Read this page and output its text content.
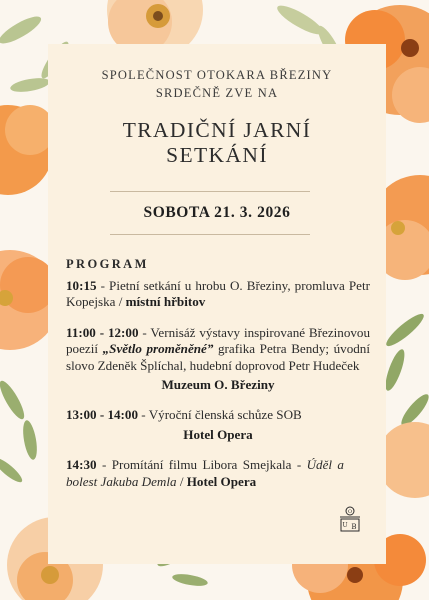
SPOLEČNOST OTOKARA BŘEZINY
SRDEČNĚ ZVE NA
TRADIČNÍ JARNÍ
SETKÁNÍ
SOBOTA 21. 3. 2026
PROGRAM
10:15 - Pietní setkání u hrobu O. Březiny, promluva Petr Kopejska / místní hřbitov
11:00 - 12:00 - Vernisáž výstavy inspirované Březinovou poezií „Světlo proměněné” grafika Petra Bendy; úvodní slovo Zdeněk Šplíchal, hudební doprovod Petr Hudeček
Muzeum O. Březiny
13:00 - 14:00 - Výroční členská schůze SOB
Hotel Opera
14:30 - Promítání filmu Libora Smejkala - Úděl a bolest Jakuba Demla / Hotel Opera
O
U B
